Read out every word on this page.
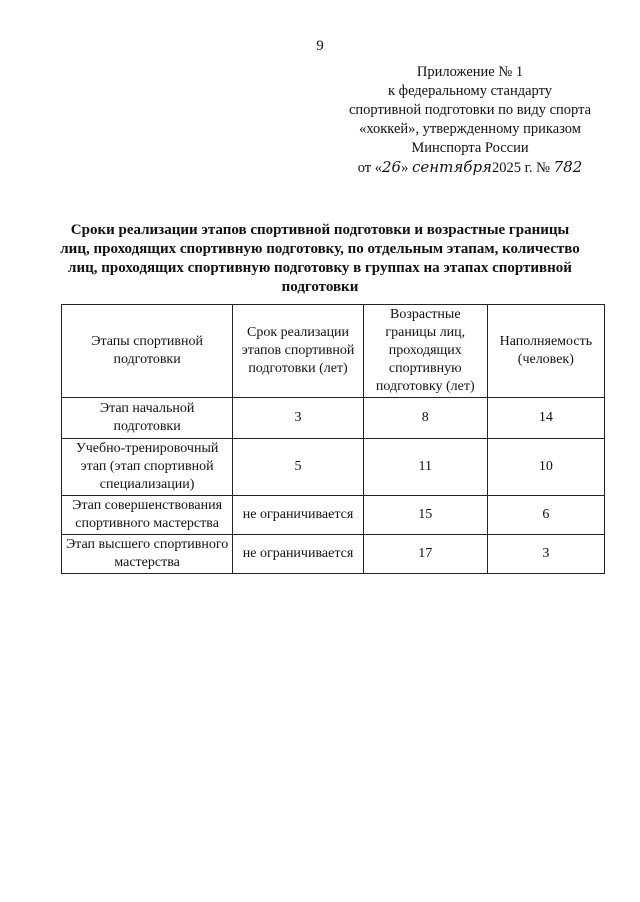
9
Приложение № 1
к федеральному стандарту
спортивной подготовки по виду спорта
«хоккей», утвержденному приказом
Минспорта России
от «26» сентября2025 г. № 782
Сроки реализации этапов спортивной подготовки и возрастные границы лиц, проходящих спортивную подготовку, по отдельным этапам, количество лиц, проходящих спортивную подготовку в группах на этапах спортивной подготовки
Этапы спортивной подготовки	Срок реализации этапов спортивной подготовки (лет)	Возрастные границы лиц, проходящих спортивную подготовку (лет)	Наполняемость (человек)
Этап начальной подготовки	3	8	14
Учебно-тренировочный этап (этап спортивной специализации)	5	11	10
Этап совершенствования спортивного мастерства	не ограничивается	15	6
Этап высшего спортивного мастерства	не ограничивается	17	3
